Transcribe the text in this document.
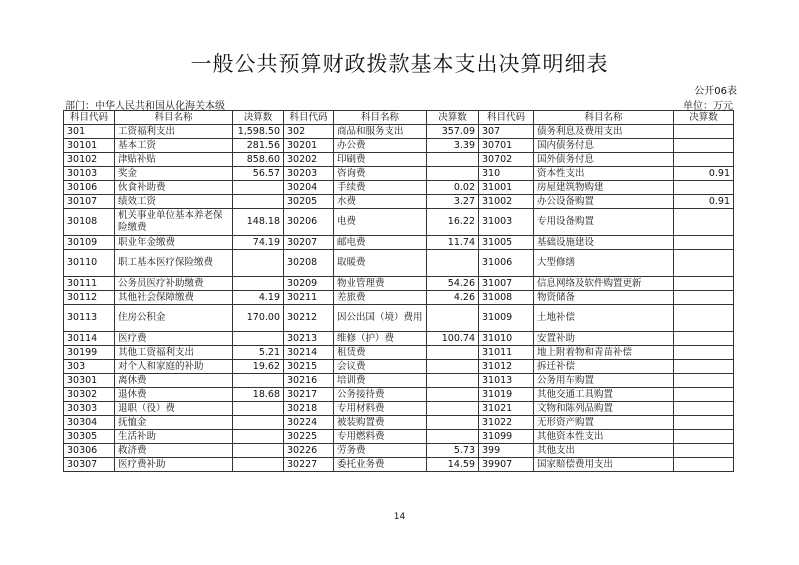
一般公共预算财政拨款基本支出决算明细表
公开06表
部门：中华人民共和国从化海关本级	单位：万元
科目代码	科目名称	决算数	科目代码	科目名称	决算数	科目代码	科目名称	决算数
301	工资福利支出	1,598.50	302	商品和服务支出	357.09	307	债务利息及费用支出	
30101	基本工资	281.56	30201	办公费	3.39	30701	国内债务付息	
30102	津贴补贴	858.60	30202	印刷费		30702	国外债务付息	
30103	奖金	56.57	30203	咨询费		310	资本性支出	0.91
30106	伙食补助费		30204	手续费	0.02	31001	房屋建筑物购建	
30107	绩效工资		30205	水费	3.27	31002	办公设备购置	0.91
30108	机关事业单位基本养老保险缴费	148.18	30206	电费	16.22	31003	专用设备购置	
30109	职业年金缴费	74.19	30207	邮电费	11.74	31005	基础设施建设	
30110	职工基本医疗保险缴费		30208	取暖费		31006	大型修缮	
30111	公务员医疗补助缴费		30209	物业管理费	54.26	31007	信息网络及软件购置更新	
30112	其他社会保障缴费	4.19	30211	差旅费	4.26	31008	物资储备	
30113	住房公积金	170.00	30212	因公出国（境）费用		31009	土地补偿	
30114	医疗费		30213	维修（护）费	100.74	31010	安置补助	
30199	其他工资福利支出	5.21	30214	租赁费		31011	地上附着物和青苗补偿	
303	对个人和家庭的补助	19.62	30215	会议费		31012	拆迁补偿	
30301	离休费		30216	培训费		31013	公务用车购置	
30302	退休费	18.68	30217	公务接待费		31019	其他交通工具购置	
30303	退职（役）费		30218	专用材料费		31021	文物和陈列品购置	
30304	抚恤金		30224	被装购置费		31022	无形资产购置	
30305	生活补助		30225	专用燃料费		31099	其他资本性支出	
30306	救济费		30226	劳务费	5.73	399	其他支出	
30307	医疗费补助		30227	委托业务费	14.59	39907	国家赔偿费用支出	
14
